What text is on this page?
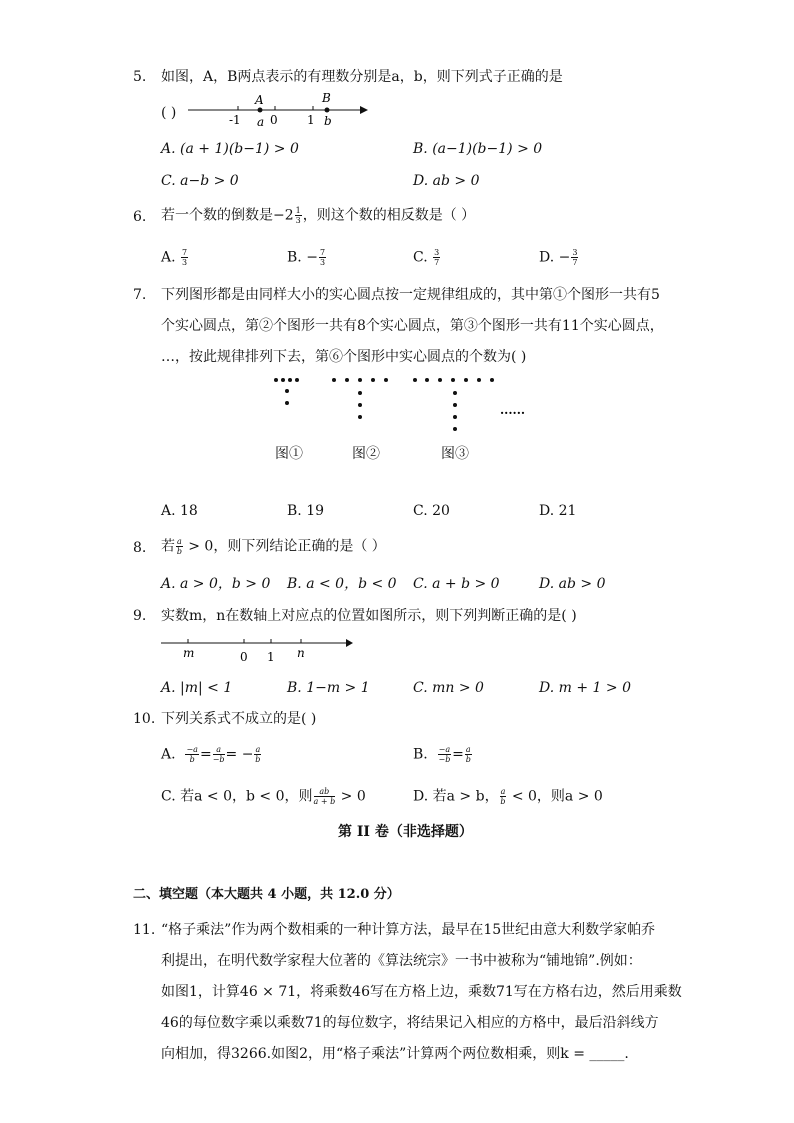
5. 如图，A，B两点表示的有理数分别是a，b，则下列式子正确的是
( )
A
a
B
b
-1 0 1
A. (a + 1)(b−1) > 0	B. (a−1)(b−1) > 0
C. a−b > 0	D. ab > 0
6. 若一个数的倒数是$-2 \frac{1}{3}$ ，则这个数的相反数是（ ）
A. $\frac{7}{3}$	B. − $\frac{7}{3}$	C. $\frac{3}{7}$	D. − $\frac{3}{7}$
7. 下列图形都是由同样大小的实心圆点按一定规律组成的，其中第①个图形一共有5
个实心圆点，第②个图形一共有8个实心圆点，第③个图形一共有11个实心圆点，
…，按此规律排列下去，第⑥个图形中实心圆点的个数为( )
......
图①	图②	图③
A. 18	B. 19	C. 20	D. 21
8. 若 $\frac{a}{b} > 0$，则下列结论正确的是（ ）
A. a > 0，b > 0 B. a < 0，b < 0 C. a + b > 0	D. ab > 0
9. 实数m，n在数轴上对应点的位置如图所示，则下列判断正确的是( )
m	0 1 n
A. |m| < 1	B. 1−m > 1	C. mn > 0	D. m + 1 > 0
10. 下列关系式不成立的是( )
A. $\frac{-a}{b} = \frac{a}{-b}$ = − $\frac{a}{b}$	B. $\frac{-a}{-b} = \frac{a}{b}$
C. 若a < 0，b < 0，则 $\frac{ab}{a + b} > 0$	D. 若a > b， $\frac{a}{b} < 0$，则a > 0
第 II 卷（非选择题）
二、填空题（本大题共 4 小题，共 12.0 分）
11. “格子乘法”作为两个数相乘的一种计算方法，最早在15世纪由意大利数学家帕乔
利提出，在明代数学家程大位著的《算法统宗》一书中被称为“铺地锦”.例如：
如图1，计算46 × 71，将乘数46写在方格上边，乘数71写在方格右边，然后用乘数
46的每位数字乘以乘数71的每位数字，将结果记入相应的方格中，最后沿斜线方
向相加，得3266.如图2，用“格子乘法”计算两个两位数相乘，则k = _____.
